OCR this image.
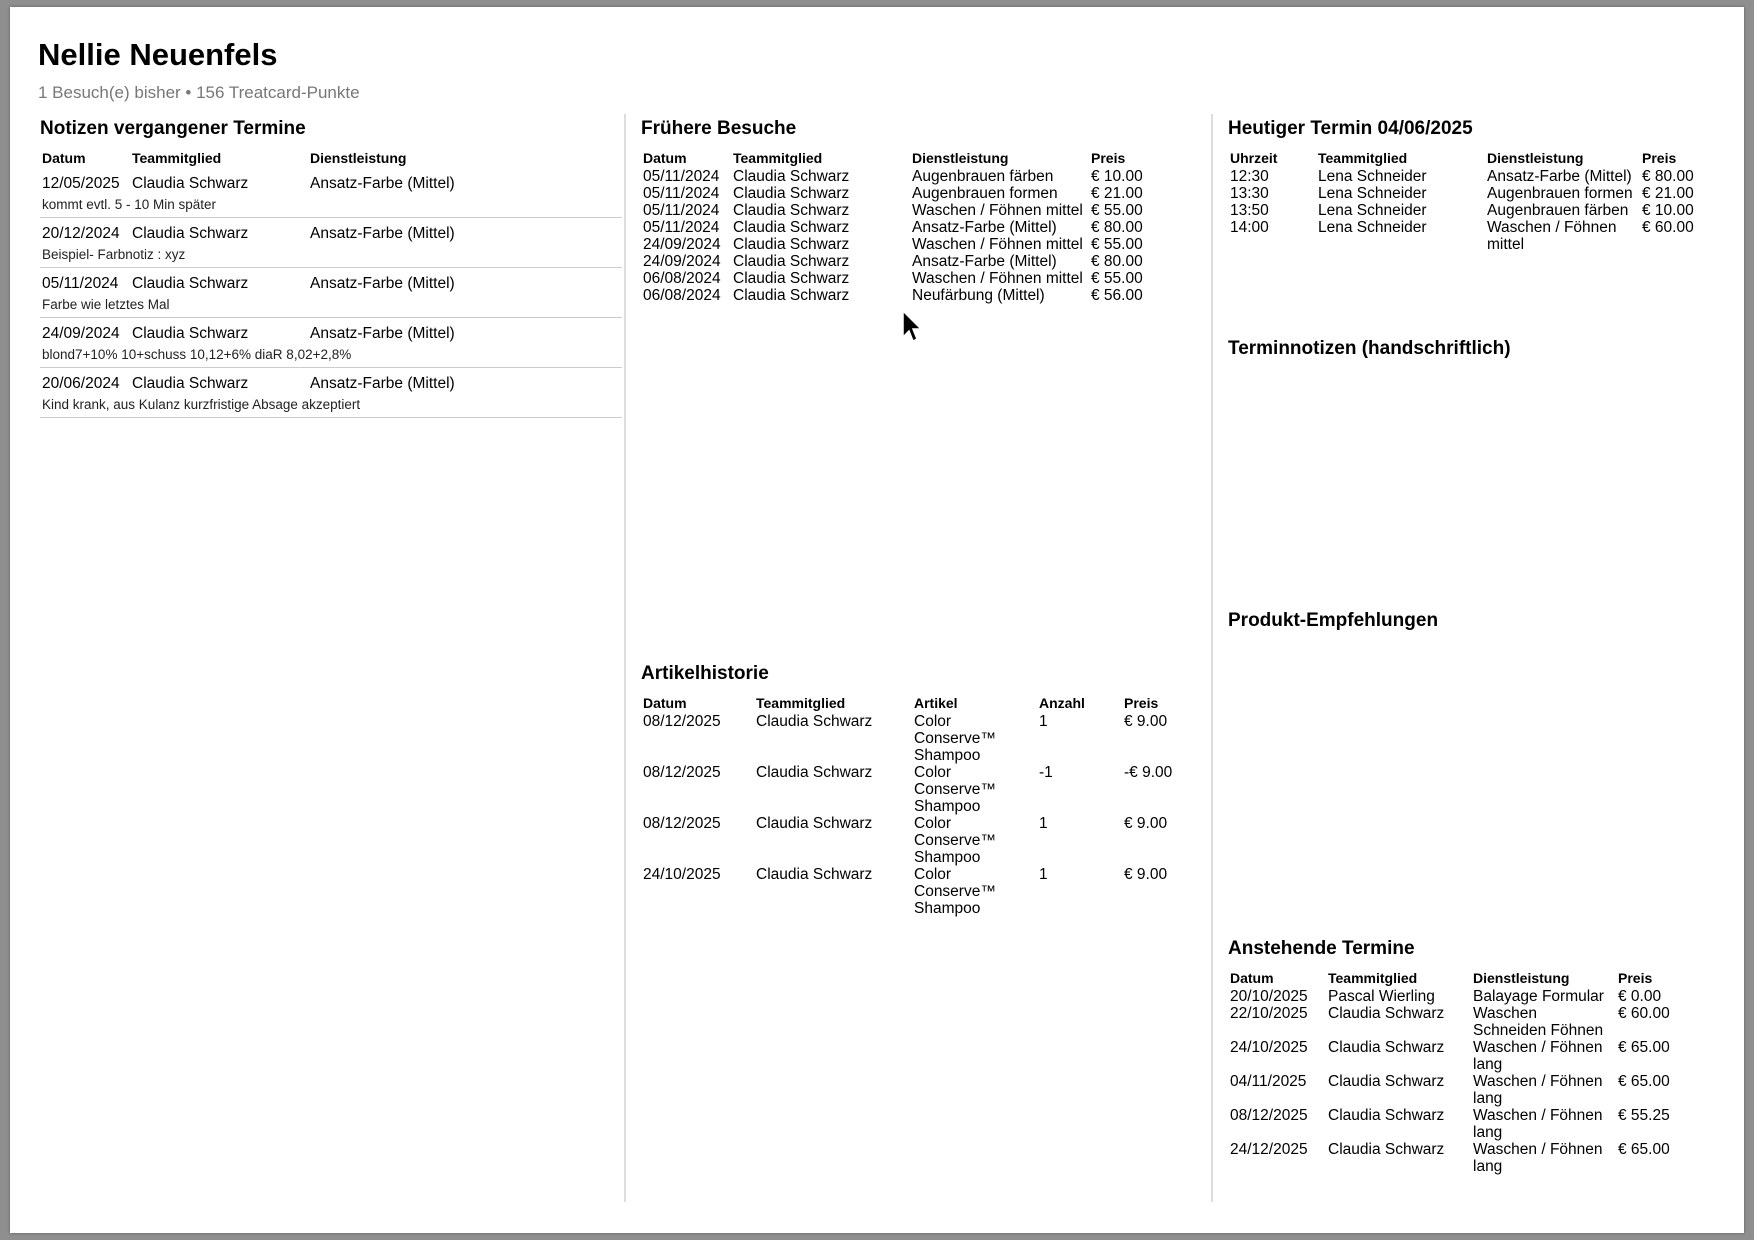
Nellie Neuenfels
1 Besuch(e) bisher • 156 Treatcard-Punkte
Notizen vergangener Termine
Datum	Teammitglied	Dienstleistung
12/05/2025	Claudia Schwarz	Ansatz-Farbe (Mittel)
kommt evtl. 5 - 10 Min später		
20/12/2024	Claudia Schwarz	Ansatz-Farbe (Mittel)
Beispiel- Farbnotiz : xyz		
05/11/2024	Claudia Schwarz	Ansatz-Farbe (Mittel)
Farbe wie letztes Mal		
24/09/2024	Claudia Schwarz	Ansatz-Farbe (Mittel)
blond7+10% 10+schuss 10,12+6% diaR 8,02+2,8%		
20/06/2024	Claudia Schwarz	Ansatz-Farbe (Mittel)
Kind krank, aus Kulanz kurzfristige Absage akzeptiert		
Frühere Besuche
Datum	Teammitglied	Dienstleistung	Preis
05/11/2024	Claudia Schwarz	Augenbrauen färben	€ 10.00
05/11/2024	Claudia Schwarz	Augenbrauen formen	€ 21.00
05/11/2024	Claudia Schwarz	Waschen / Föhnen mittel	€ 55.00
05/11/2024	Claudia Schwarz	Ansatz-Farbe (Mittel)	€ 80.00
24/09/2024	Claudia Schwarz	Waschen / Föhnen mittel	€ 55.00
24/09/2024	Claudia Schwarz	Ansatz-Farbe (Mittel)	€ 80.00
06/08/2024	Claudia Schwarz	Waschen / Föhnen mittel	€ 55.00
06/08/2024	Claudia Schwarz	Neufärbung (Mittel)	€ 56.00
Artikelhistorie
Datum	Teammitglied	Artikel	Anzahl	Preis
08/12/2025	Claudia Schwarz	Color Conserve™ Shampoo	1	€ 9.00
08/12/2025	Claudia Schwarz	Color Conserve™ Shampoo	-1	-€ 9.00
08/12/2025	Claudia Schwarz	Color Conserve™ Shampoo	1	€ 9.00
24/10/2025	Claudia Schwarz	Color Conserve™ Shampoo	1	€ 9.00
Heutiger Termin 04/06/2025
Uhrzeit	Teammitglied	Dienstleistung	Preis
12:30	Lena Schneider	Ansatz-Farbe (Mittel)	€ 80.00
13:30	Lena Schneider	Augenbrauen formen	€ 21.00
13:50	Lena Schneider	Augenbrauen färben	€ 10.00
14:00	Lena Schneider	Waschen / Föhnen mittel	€ 60.00
Terminnotizen (handschriftlich)
Produkt-Empfehlungen
Anstehende Termine
Datum	Teammitglied	Dienstleistung	Preis
20/10/2025	Pascal Wierling	Balayage Formular	€ 0.00
22/10/2025	Claudia Schwarz	Waschen Schneiden Föhnen	€ 60.00
24/10/2025	Claudia Schwarz	Waschen / Föhnen lang	€ 65.00
04/11/2025	Claudia Schwarz	Waschen / Föhnen lang	€ 65.00
08/12/2025	Claudia Schwarz	Waschen / Föhnen lang	€ 55.25
24/12/2025	Claudia Schwarz	Waschen / Föhnen lang	€ 65.00
